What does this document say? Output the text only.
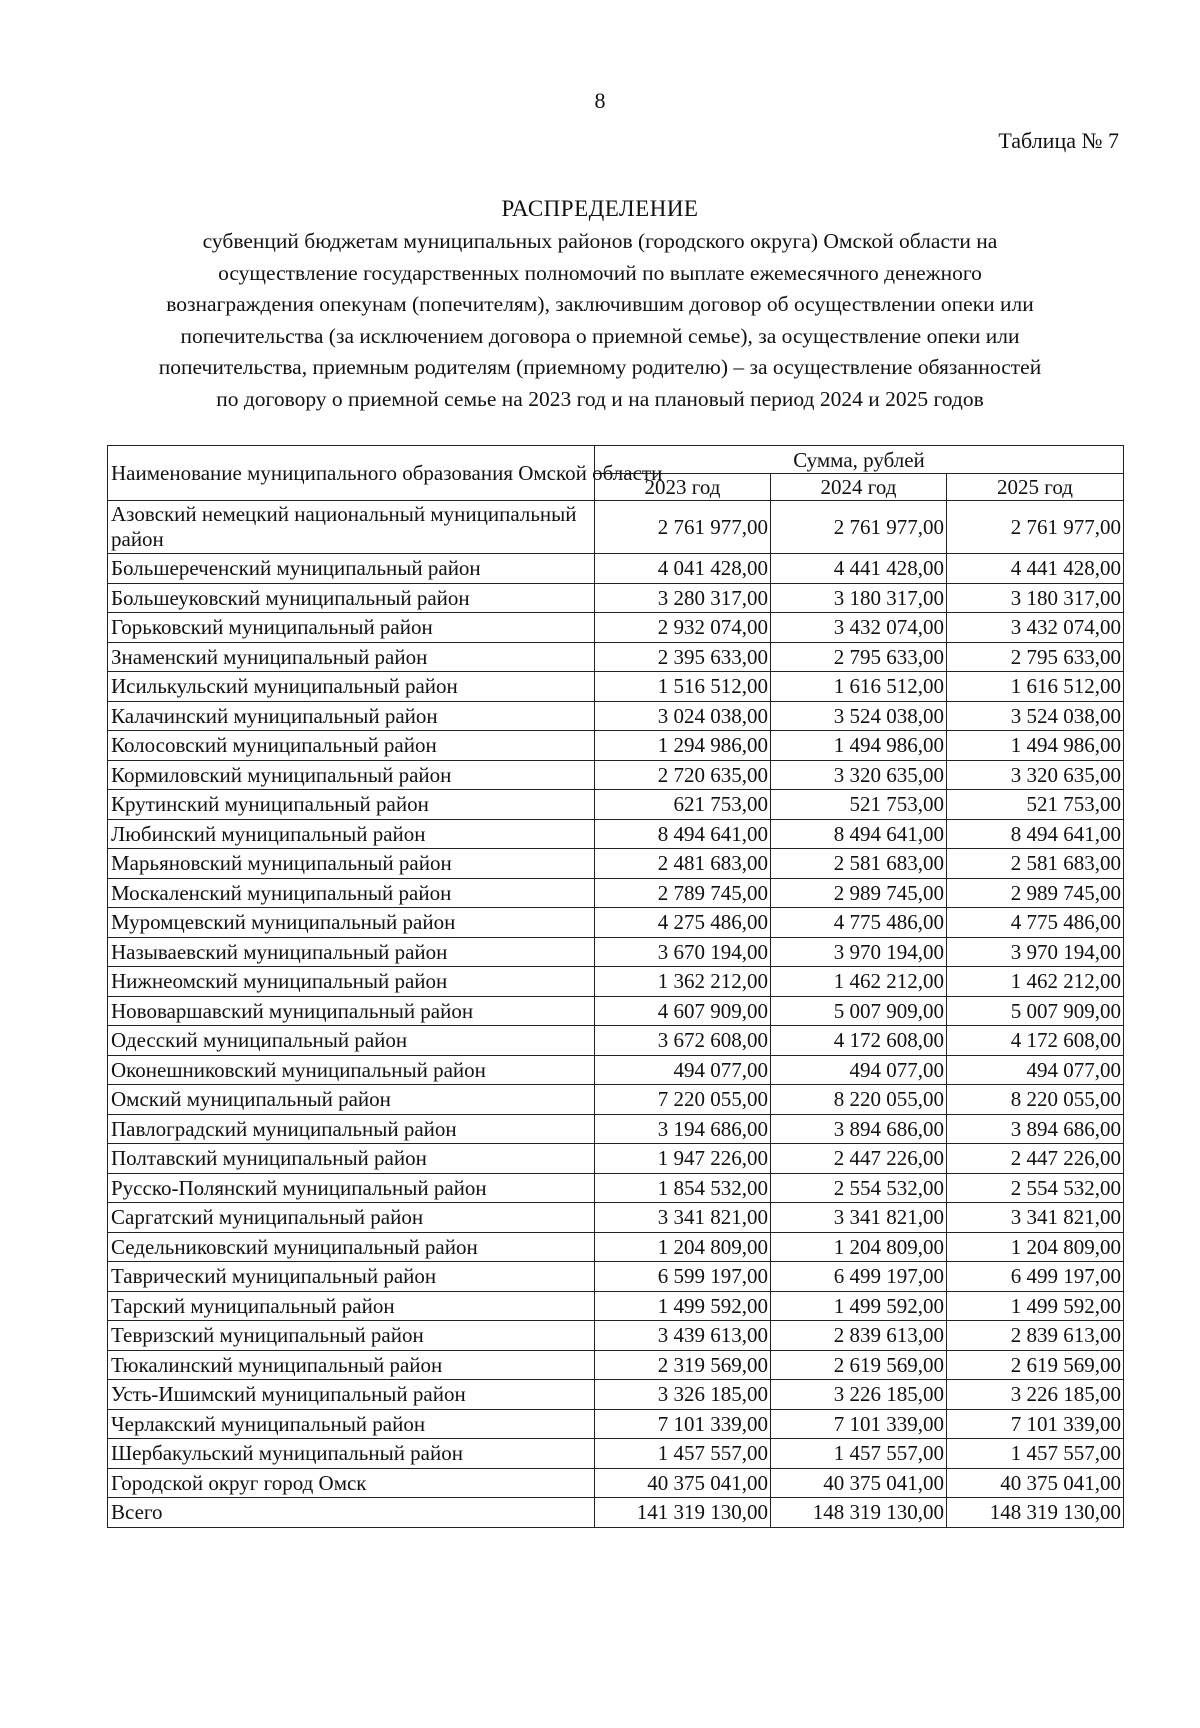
8
Таблица № 7
РАСПРЕДЕЛЕНИЕ
субвенций бюджетам муниципальных районов (городского округа) Омской области на
осуществление государственных полномочий по выплате ежемесячного денежного
вознаграждения опекунам (попечителям), заключившим договор об осуществлении опеки или
попечительства (за исключением договора о приемной семье), за осуществление опеки или
попечительства, приемным родителям (приемному родителю) – за осуществление обязанностей
по договору о приемной семье на 2023 год и на плановый период 2024 и 2025 годов
Наименование муниципального образования Омской области	Сумма, рублей		
	2023 год	2024 год	2025 год
Азовский немецкий национальный муниципальный район	2 761 977,00	2 761 977,00	2 761 977,00
Большереченский муниципальный район	4 041 428,00	4 441 428,00	4 441 428,00
Большеуковский муниципальный район	3 280 317,00	3 180 317,00	3 180 317,00
Горьковский муниципальный район	2 932 074,00	3 432 074,00	3 432 074,00
Знаменский муниципальный район	2 395 633,00	2 795 633,00	2 795 633,00
Исилькульский муниципальный район	1 516 512,00	1 616 512,00	1 616 512,00
Калачинский муниципальный район	3 024 038,00	3 524 038,00	3 524 038,00
Колосовский муниципальный район	1 294 986,00	1 494 986,00	1 494 986,00
Кормиловский муниципальный район	2 720 635,00	3 320 635,00	3 320 635,00
Крутинский муниципальный район	621 753,00	521 753,00	521 753,00
Любинский муниципальный район	8 494 641,00	8 494 641,00	8 494 641,00
Марьяновский муниципальный район	2 481 683,00	2 581 683,00	2 581 683,00
Москаленский муниципальный район	2 789 745,00	2 989 745,00	2 989 745,00
Муромцевский муниципальный район	4 275 486,00	4 775 486,00	4 775 486,00
Называевский муниципальный район	3 670 194,00	3 970 194,00	3 970 194,00
Нижнеомский муниципальный район	1 362 212,00	1 462 212,00	1 462 212,00
Нововаршавский муниципальный район	4 607 909,00	5 007 909,00	5 007 909,00
Одесский муниципальный район	3 672 608,00	4 172 608,00	4 172 608,00
Оконешниковский муниципальный район	494 077,00	494 077,00	494 077,00
Омский муниципальный район	7 220 055,00	8 220 055,00	8 220 055,00
Павлоградский муниципальный район	3 194 686,00	3 894 686,00	3 894 686,00
Полтавский муниципальный район	1 947 226,00	2 447 226,00	2 447 226,00
Русско-Полянский муниципальный район	1 854 532,00	2 554 532,00	2 554 532,00
Саргатский муниципальный район	3 341 821,00	3 341 821,00	3 341 821,00
Седельниковский муниципальный район	1 204 809,00	1 204 809,00	1 204 809,00
Таврический муниципальный район	6 599 197,00	6 499 197,00	6 499 197,00
Тарский муниципальный район	1 499 592,00	1 499 592,00	1 499 592,00
Тевризский муниципальный район	3 439 613,00	2 839 613,00	2 839 613,00
Тюкалинский муниципальный район	2 319 569,00	2 619 569,00	2 619 569,00
Усть-Ишимский муниципальный район	3 326 185,00	3 226 185,00	3 226 185,00
Черлакский муниципальный район	7 101 339,00	7 101 339,00	7 101 339,00
Шербакульский муниципальный район	1 457 557,00	1 457 557,00	1 457 557,00
Городской округ город Омск	40 375 041,00	40 375 041,00	40 375 041,00
Всего	141 319 130,00	148 319 130,00	148 319 130,00
